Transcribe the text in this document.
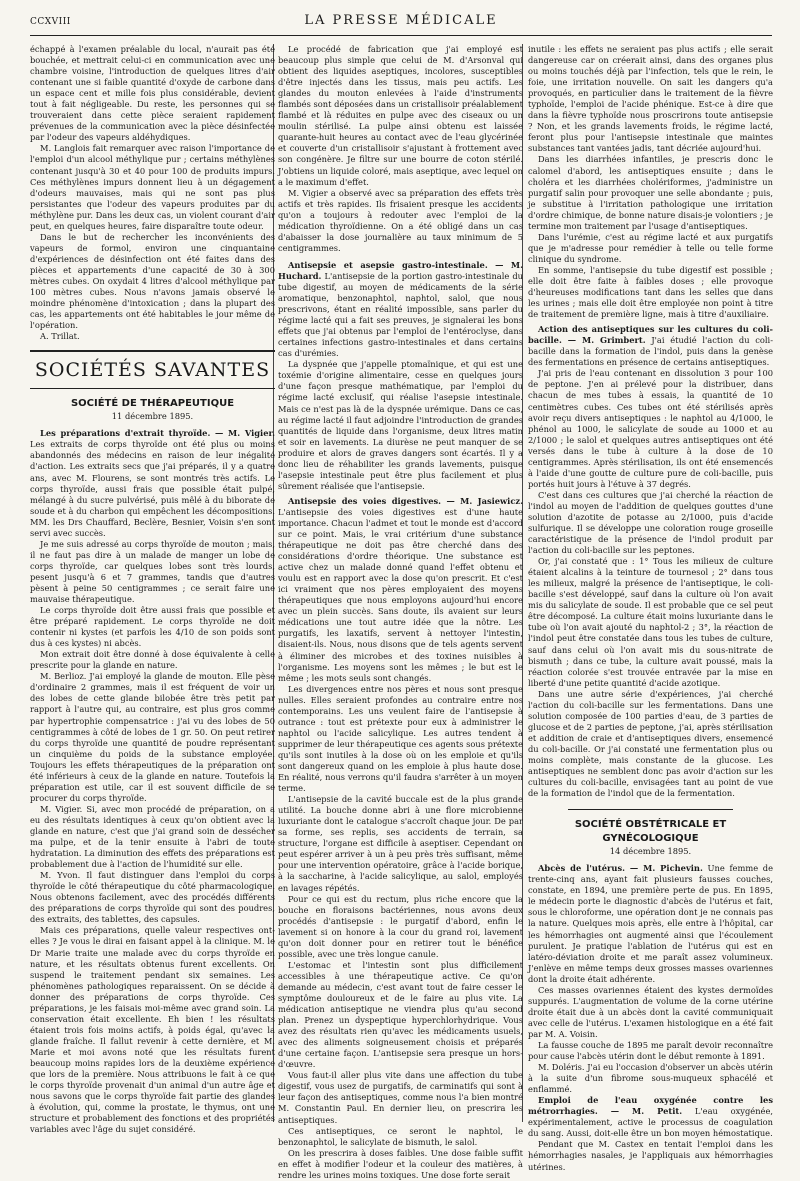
CCXVIII	LA PRESSE MÉDICALE

échappé à l'examen préalable du local, n'aurait pas été bouchée, et mettrait celui-ci en communication avec une chambre voisine, l'introduction de quelques litres d'air contenant une si faible quantité d'oxyde de carbone dans un espace cent et mille fois plus considérable, devient tout à fait négligeable. Du reste, les personnes qui se trouveraient dans cette pièce seraient rapidement prévenues de la communication avec la pièce désinfectée par l'odeur des vapeurs aldéhydiques.

M. Langlois fait remarquer avec raison l'importance de l'emploi d'un alcool méthylique pur ; certains méthylènes contenant jusqu'à 30 et 40 pour 100 de produits impurs. Ces méthylènes impurs donnent lieu à un dégagement d'odeurs mauvaises, mais qui ne sont pas plus persistantes que l'odeur des vapeurs produites par du méthylène pur. Dans les deux cas, un violent courant d'air peut, en quelques heures, faire disparaître toute odeur.

Dans le but de rechercher les inconvénients des vapeurs de formol, environ une cinquantaine d'expériences de désinfection ont été faites dans des pièces et appartements d'une capacité de 30 à 300 mètres cubes. On oxydait 4 litres d'alcool méthylique par 100 mètres cubes. Nous n'avons jamais observé le moindre phénomène d'intoxication ; dans la plupart des cas, les appartements ont été habitables le jour même de l'opération.

A. Trillat.

SOCIÉTÉS SAVANTES
SOCIÉTÉ DE THÉRAPEUTIQUE
11 décembre 1895.

Les préparations d'extrait thyroïde. — M. Vigier. Les extraits de corps thyroïde ont été plus ou moins abandonnés des médecins en raison de leur inégalité d'action. Les extraits secs que j'ai préparés, il y a quatre ans, avec M. Flourens, se sont montrés très actifs. Le corps thyroïde, aussi frais que possible était pulpé, mélangé à du sucre pulvérisé, puis mêlé à du biborate de soude et à du charbon qui empêchent les décompositions. MM. les Drs Chauffard, Beclère, Besnier, Voisin s'en sont servi avec succès.

Je me suis adressé au corps thyroïde de mouton ; mais, il ne faut pas dire à un malade de manger un lobe de corps thyroïde, car quelques lobes sont très lourds, pesent jusqu'à 6 et 7 grammes, tandis que d'autres pèsent à peine 50 centigrammes ; ce serait faire une mauvaise thérapeutique.

Le corps thyroïde doit être aussi frais que possible et être préparé rapidement. Le corps thyroïde ne doit contenir ni kystes (et parfois les 4/10 de son poids sont dus à ces kystes) ni abcès.

Mon extrait doit être donné à dose équivalente à celle prescrite pour la glande en nature.

M. Berlioz. J'ai employé la glande de mouton. Elle pèse d'ordinaire 2 grammes, mais il est fréquent de voir un des lobes de cette glande bilobée être très petit par rapport à l'autre qui, au contraire, est plus gros comme par hypertrophie compensatrice : j'ai vu des lobes de 50 centigrammes à côté de lobes de 1 gr. 50. On peut retirer du corps thyroïde une quantité de poudre représentant un cinquième du poids de la substance employée. Toujours les effets thérapeutiques de la préparation ont été inférieurs à ceux de la glande en nature. Toutefois la préparation est utile, car il est souvent difficile de se procurer du corps thyroïde.

M. Vigier. Si, avec mon procédé de préparation, on a eu des résultats identiques à ceux qu'on obtient avec la glande en nature, c'est que j'ai grand soin de dessécher ma pulpe, et de la tenir ensuite à l'abri de toute hydratation. La diminution des effets des préparations est probablement due à l'action de l'humidité sur elle.

M. Yvon. Il faut distinguer dans l'emploi du corps thyroïde le côté thérapeutique du côté pharmacologique. Nous obtenons facilement, avec des procédés différents des préparations de corps thyroïde qui sont des poudres, des extraits, des tablettes, des capsules.

Mais ces préparations, quelle valeur respectives ont-elles ? Je vous le dirai en faisant appel à la clinique. M. le Dr Marie traite une malade avec du corps thyroïde en nature, et les résultats obtenus furent excellents. On suspend le traitement pendant six semaines. Les phénomènes pathologiques reparaissent. On se décide à donner des préparations de corps thyroïde. Ces préparations, je les faisais moi-même avec grand soin. La conservation était excellente. Eh bien ! les résultats étaient trois fois moins actifs, à poids égal, qu'avec la glande fraîche. Il fallut revenir à cette dernière, et M. Marie et moi avons noté que les résultats furent beaucoup moins rapides lors de la deuxième expérience que lors de la première. Nous attribuons le fait à ce que le corps thyroïde provenait d'un animal d'un autre âge et nous savons que le corps thyroïde fait partie des glandes à évolution, qui, comme la prostate, le thymus, ont une structure et probablement des fonctions et des propriétés variables avec l'âge du sujet considéré.

Le procédé de fabrication que j'ai employé est beaucoup plus simple que celui de M. d'Arsonval qui obtient des liquides aseptiques, incolores, susceptibles d'être injectés dans les tissus, mais peu actifs. Les glandes du mouton enlevées à l'aide d'instruments flambés sont déposées dans un cristallisoir préalablement flambé et là réduites en pulpe avec des ciseaux ou un moulin stérilisé. La pulpe ainsi obtenu est laissée quarante-huit heures au contact avec de l'eau glycérinée et couverte d'un cristallisoir s'ajustant à frottement avec son congénère. Je filtre sur une bourre de coton stérilé. J'obtiens un liquide coloré, mais aseptique, avec lequel on a le maximum d'effet.

M. Vigier a observé avec sa préparation des effets très actifs et très rapides. Ils frisaient presque les accidents qu'on a toujours à redouter avec l'emploi de la médication thyroïdienne. On a été obligé dans un cas d'abaisser la dose journalière au taux minimum de 5 centigrammes.

Antisepsie et asepsie gastro-intestinale. — M. Huchard. L'antisepsie de la portion gastro-intestinale du tube digestif, au moyen de médicaments de la série aromatique, benzonaphtol, naphtol, salol, que nous prescrivons, étant en réalité impossible, sans parler du régime lacté qui a fait ses preuves, je signalerai les bons effets que j'ai obtenus par l'emploi de l'entéroclyse, dans certaines infections gastro-intestinales et dans certains cas d'urémies.

La dyspnée que j'appelle ptomaïnique, et qui est une toxémie d'origine alimentaire, cesse en quelques jours d'une façon presque mathématique, par l'emploi du régime lacté exclusif, qui réalise l'asepsie intestinale. Mais ce n'est pas là de la dyspnée urémique. Dans ce cas, au régime lacté il faut adjoindre l'introduction de grandes quantités de liquide dans l'organisme, deux litres matin et soir en lavements. La diurèse ne peut manquer de se produire et alors de graves dangers sont écartés. Il y a donc lieu de réhabiliter les grands lavements, puisque l'asepsie intestinale peut être plus facilement et plus sûrement réalisée que l'antisepsie.

Antisepsie des voies digestives. — M. Jasiewicz. L'antisepsie des voies digestives est d'une haute importance. Chacun l'admet et tout le monde est d'accord sur ce point. Mais, le vrai critérium d'une substance thérapeutique ne doit pas être cherché dans des considérations d'ordre théorique. Une substance est active chez un malade donné quand l'effet obtenu et voulu est en rapport avec la dose qu'on prescrit. Et c'est ici vraiment que nos pères employaient des moyens thérapeutiques que nous employons aujourd'hui encore avec un plein succès. Sans doute, ils avaient sur leurs médications une tout autre idée que la nôtre. Les purgatifs, les laxatifs, servent à nettoyer l'intestin, disaient-ils. Nous, nous disons que de tels agents servent à éliminer des microbes et des toxines nuisibles à l'organisme. Les moyens sont les mêmes ; le but est le même ; les mots seuls sont changés.

Les divergences entre nos pères et nous sont presque nulles. Elles seraient profondes au contraire entre nos contemporains. Les uns veulent faire de l'antisepsie à outrance : tout est prétexte pour eux à administrer le naphtol ou l'acide salicylique. Les autres tendent à supprimer de leur thérapeutique ces agents sous prétexte qu'ils sont inutiles à la dose où on les emploie et qu'ils sont dangereux quand on les emploie à plus haute dose. En réalité, nous verrons qu'il faudra s'arrêter à un moyen terme.

L'antisepsie de la cavité buccale est de la plus grande utilité. La bouche donne abri à une flore microbienne luxuriante dont le catalogue s'accroît chaque jour. De par sa forme, ses replis, ses accidents de terrain, sa structure, l'organe est difficile à aseptiser. Cependant on peut espérer arriver à un à peu près très suffisant, même pour une intervention opératoire, grâce à l'acide borique, à la saccharine, à l'acide salicylique, au salol, employés en lavages répétés.

Pour ce qui est du rectum, plus riche encore que la bouche en floraisons bactériennes, nous avons deux procédés d'antisepsie : le purgatif d'abord, enfin le lavement si on honore à la cour du grand roi, lavement qu'on doit donner pour en retirer tout le bénéfice possible, avec une très longue canule.

L'estomac et l'intestin sont plus difficilement accessibles à une thérapeutique active. Ce qu'on demande au médecin, c'est avant tout de faire cesser le symptôme douloureux et de le faire au plus vite. La médication antiseptique ne viendra plus qu'au second plan. Prenez un dyspeptique hyperchlorhydrique. Vous avez des résultats rien qu'avec les médicaments usuels, avec des aliments soigneusement choisis et préparés d'une certaine façon. L'antisepsie sera presque un hors-d'œuvre.

Vous faut-il aller plus vite dans une affection du tube digestif, vous usez de purgatifs, de carminatifs qui sont à leur façon des antiseptiques, comme nous l'a bien montré M. Constantin Paul. En dernier lieu, on prescrira les antiseptiques.

Ces antiseptiques, ce seront le naphtol, le benzonaphtol, le salicylate de bismuth, le salol.

On les prescrira à doses faibles. Une dose faible suffit en effet à modifier l'odeur et la couleur des matières, à rendre les urines moins toxiques. Une dose forte serait

inutile : les effets ne seraient pas plus actifs ; elle serait dangereuse car on créerait ainsi, dans des organes plus ou moins touchés déjà par l'infection, tels que le rein, le foie, une irritation nouvelle. On sait les dangers qu'a provoqués, en particulier dans le traitement de la fièvre typhoïde, l'emploi de l'acide phénique. Est-ce à dire que dans la fièvre typhoïde nous proscrirons toute antisepsie ? Non, et les grands lavements froids, le régime lacté, feront plus pour l'antisepsie intestinale que maintes substances tant vantées jadis, tant décriée aujourd'hui.

Dans les diarrhées infantiles, je prescris donc le calomel d'abord, les antiseptiques ensuite ; dans le choléra et les diarrhées cholériformes, j'administre un purgatif salin pour provoquer une selle abondante ; puis, je substitue à l'irritation pathologique une irritation d'ordre chimique, de bonne nature disais-je volontiers ; je termine mon traitement par l'usage d'antiseptiques.

Dans l'urémie, c'est au régime lacté et aux purgatifs que je m'adresse pour remédier à telle ou telle forme clinique du syndrome.

En somme, l'antisepsie du tube digestif est possible ; elle doit être faite à faibles doses ; elle provoque d'heureuses modifications tant dans les selles que dans les urines ; mais elle doit être employée non point à titre de traitement de première ligne, mais à titre d'auxiliaire.

Action des antiseptiques sur les cultures du coli-bacille. — M. Grimbert. J'ai étudié l'action du coli-bacille dans la formation de l'indol, puis dans la genèse des fermentations en présence de certains antiseptiques.

J'ai pris de l'eau contenant en dissolution 3 pour 100 de peptone. J'en ai prélevé pour la distribuer, dans chacun de mes tubes à essais, la quantité de 10 centimètres cubes. Ces tubes ont été stérilisés après avoir reçu divers antiseptiques : le naphtol au 4/1000, le phénol au 1000, le salicylate de soude au 1000 et au 2/1000 ; le salol et quelques autres antiseptiques ont été versés dans le tube à culture à la dose de 10 centigrammes. Après stérilisation, ils ont été ensemencés à l'aide d'une goutte de culture pure de coli-bacille, puis portés huit jours à l'étuve à 37 degrés.

C'est dans ces cultures que j'ai cherché la réaction de l'indol au moyen de l'addition de quelques gouttes d'une solution d'azotite de potasse au 2/1000, puis d'acide sulfurique. Il se développe une coloration rouge groseille caractéristique de la présence de l'indol produit par l'action du coli-bacille sur les peptones.

Or, j'ai constaté que : 1° Tous les milieux de culture étaient alcalins à la teinture de tournesol ; 2° dans tous les milieux, malgré la présence de l'antiseptique, le coli-bacille s'est développé, sauf dans la culture où l'on avait mis du salicylate de soude. Il est probable que ce sel peut être décomposé. La culture était moins luxuriante dans le tube où l'on avait ajouté du naphtol-2 ; 3°, la réaction de l'indol peut être constatée dans tous les tubes de culture, sauf dans celui où l'on avait mis du sous-nitrate de bismuth ; dans ce tube, la culture avait poussé, mais la réaction colorée s'est trouvée entravée par la mise en liberté d'une petite quantité d'acide azotique.

Dans une autre série d'expériences, j'ai cherché l'action du coli-bacille sur les fermentations. Dans une solution composée de 100 parties d'eau, de 3 parties de glucose et de 2 parties de peptone, j'ai, après stérilisation et addition de craie et d'antiseptiques divers, ensemencé du coli-bacille. Or j'ai constaté une fermentation plus ou moins complète, mais constante de la glucose. Les antiseptiques ne semblent donc pas avoir d'action sur les cultures du coli-bacille, envisagées tant au point de vue de la formation de l'indol que de la fermentation.

SOCIÉTÉ OBSTÉTRICALE ET GYNÉCOLOGIQUE
14 décembre 1895.

Abcès de l'utérus. — M. Pichevin. Une femme de trente-cinq ans, ayant fait plusieurs fausses couches, constate, en 1894, une première perte de pus. En 1895, le médecin porte le diagnostic d'abcès de l'utérus et fait, sous le chloroforme, une opération dont je ne connais pas la nature. Quelques mois après, elle entre à l'hôpital, car les hémorrhagies ont augmenté ainsi que l'écoulement purulent. Je pratique l'ablation de l'utérus qui est en latéro-déviation droite et me paraît assez volumineux. J'enlève en même temps deux grosses masses ovariennes dont la droite était adhérente.

Ces masses ovariennes étaient des kystes dermoïdes suppurés. L'augmentation de volume de la corne utérine droite était due à un abcès dont la cavité communiquait avec celle de l'utérus. L'examen histologique en a été fait par M. A. Voisin.

La fausse couche de 1895 me paraît devoir reconnaître pour cause l'abcès utérin dont le début remonte à 1891.

M. Doléris. J'ai eu l'occasion d'observer un abcès utérin à la suite d'un fibrome sous-muqueux sphacélé et enflammé.

Emploi de l'eau oxygénée contre les métrorrhagies. — M. Petit. L'eau oxygénée, expérimentalement, active le processus de coagulation du sang. Aussi, doit-elle être un bon moyen hémostatique.

Pendant que M. Castex en tentait l'emploi dans les hémorrhagies nasales, je l'appliquais aux hémorrhagies utérines.
